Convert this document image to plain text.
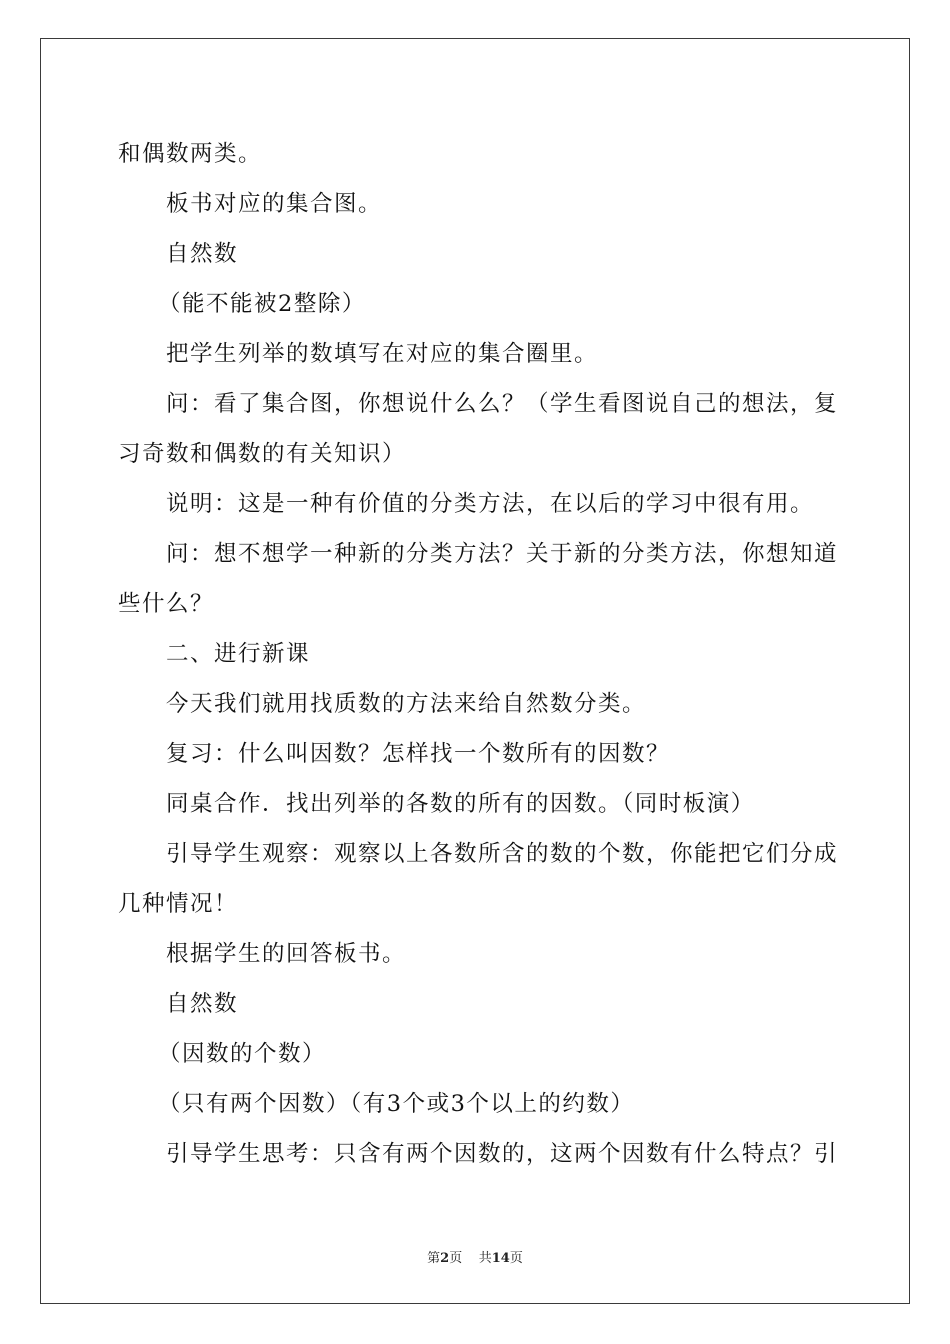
和偶数两类。
板书对应的集合图。
自然数
（能不能被2整除）
把学生列举的数填写在对应的集合圈里。
问：看了集合图，你想说什么么？（学生看图说自己的想法，复
习奇数和偶数的有关知识）
说明：这是一种有价值的分类方法，在以后的学习中很有用。
问：想不想学一种新的分类方法？关于新的分类方法，你想知道
些什么？
二、进行新课
今天我们就用找质数的方法来给自然数分类。
复习：什么叫因数？怎样找一个数所有的因数？
同桌合作．找出列举的各数的所有的因数。（同时板演）
引导学生观察：观察以上各数所含的数的个数，你能把它们分成
几种情况！
根据学生的回答板书。
自然数
（因数的个数）
（只有两个因数）（有3个或3个以上的约数）
引导学生思考：只含有两个因数的，这两个因数有什么特点？引
第2页 共14页
